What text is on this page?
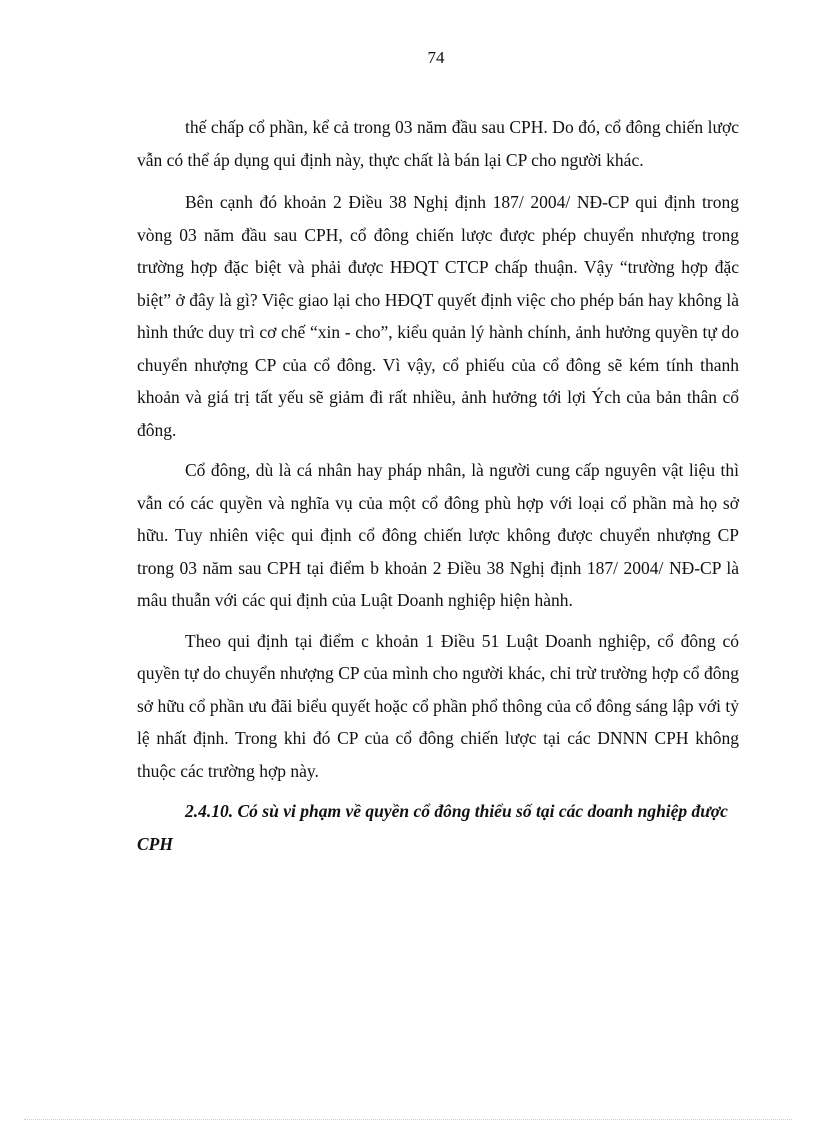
74

thế chấp cổ phần, kể cả trong 03 năm đầu sau CPH. Do đó, cổ đông chiến lược vẫn có thể áp dụng qui định này, thực chất là bán lại CP cho người khác.

Bên cạnh đó khoản 2 Điều 38 Nghị định 187/ 2004/ NĐ-CP qui định trong vòng 03 năm đầu sau CPH, cổ đông chiến lược được phép chuyển nhượng trong trường hợp đặc biệt và phải được HĐQT CTCP chấp thuận. Vậy “trường hợp đặc biệt” ở đây là gì? Việc giao lại cho HĐQT quyết định việc cho phép bán hay không là hình thức duy trì cơ chế “xin - cho”, kiểu quản lý hành chính, ảnh hưởng quyền tự do chuyển nhượng CP của cổ đông. Vì vậy, cổ phiếu của cổ đông sẽ kém tính thanh khoản và giá trị tất yếu sẽ giảm đi rất nhiều, ảnh hưởng tới lợi Ých của bản thân cổ đông.

Cổ đông, dù là cá nhân hay pháp nhân, là người cung cấp nguyên vật liệu thì vẫn có các quyền và nghĩa vụ của một cổ đông phù hợp với loại cổ phần mà họ sở hữu. Tuy nhiên việc qui định cổ đông chiến lược không được chuyển nhượng CP trong 03 năm sau CPH tại điểm b khoản 2 Điều 38 Nghị định 187/ 2004/ NĐ-CP là mâu thuẫn với các qui định của Luật Doanh nghiệp hiện hành.

Theo qui định tại điểm c khoản 1 Điều 51 Luật Doanh nghiệp, cổ đông có quyền tự do chuyển nhượng CP của mình cho người khác, chỉ trừ trường hợp cổ đông sở hữu cổ phần ưu đãi biểu quyết hoặc cổ phần phổ thông của cổ đông sáng lập với tỷ lệ nhất định. Trong khi đó CP của cổ đông chiến lược tại các DNNN CPH không thuộc các trường hợp này.

2.4.10. Có sù vi phạm về quyền cổ đông thiểu số tại các doanh nghiệp được CPH
